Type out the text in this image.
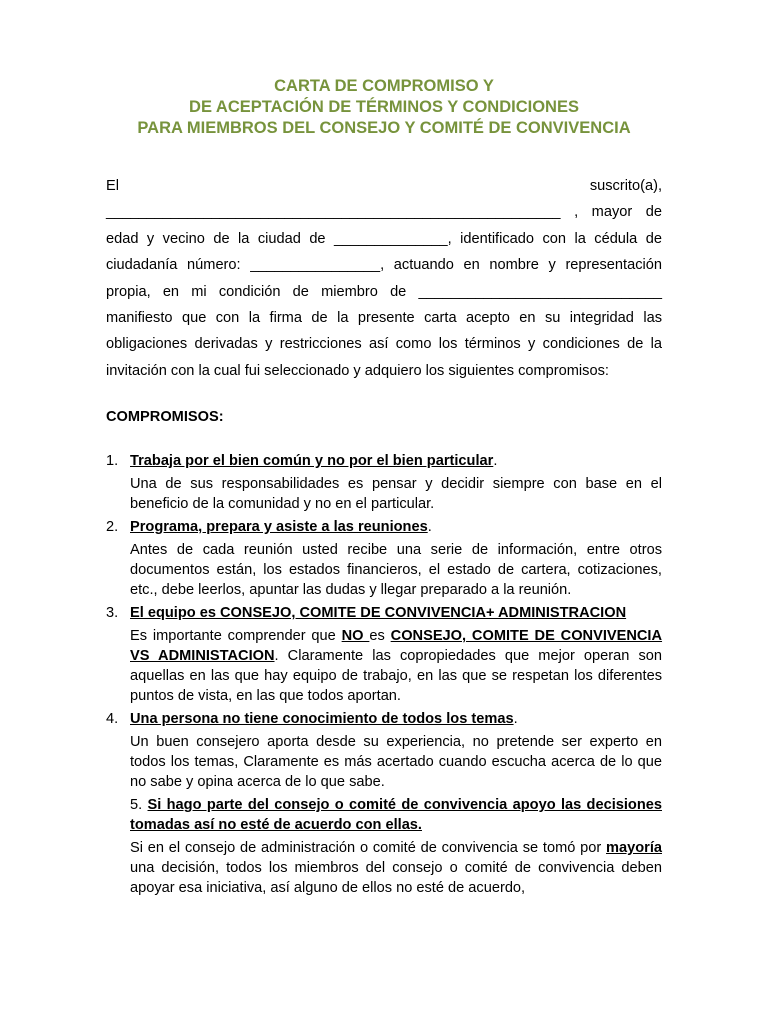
CARTA DE COMPROMISO Y
DE ACEPTACIÓN DE TÉRMINOS Y CONDICIONES
PARA MIEMBROS DEL CONSEJO Y COMITÉ DE CONVIVENCIA
El	suscrito(a),
________________________________________________________ , mayor de edad y vecino de la ciudad de ______________, identificado con la cédula de ciudadanía número: ________________, actuando en nombre y representación propia, en mi condición de miembro de ______________________________ manifiesto que con la firma de la presente carta acepto en su integridad las obligaciones derivadas y restricciones así como los términos y condiciones de la invitación con la cual fui seleccionado y adquiero los siguientes compromisos:
COMPROMISOS:
1. Trabaja por el bien común y no por el bien particular.
Una de sus responsabilidades es pensar y decidir siempre con base en el beneficio de la comunidad y no en el particular.
2. Programa, prepara y asiste a las reuniones.
Antes de cada reunión usted recibe una serie de información, entre otros documentos están, los estados financieros, el estado de cartera, cotizaciones, etc., debe leerlos, apuntar las dudas y llegar preparado a la reunión.
3. El equipo es CONSEJO, COMITE DE CONVIVENCIA+ ADMINISTRACION
Es importante comprender que NO es CONSEJO, COMITE DE CONVIVENCIA VS ADMINISTACION. Claramente las copropiedades que mejor operan son aquellas en las que hay equipo de trabajo, en las que se respetan los diferentes puntos de vista, en las que todos aportan.
4. Una persona no tiene conocimiento de todos los temas.
Un buen consejero aporta desde su experiencia, no pretende ser experto en todos los temas, Claramente es más acertado cuando escucha acerca de lo que no sabe y opina acerca de lo que sabe.
5. Si hago parte del consejo o comité de convivencia apoyo las decisiones tomadas así no esté de acuerdo con ellas.
Si en el consejo de administración o comité de convivencia se tomó por mayoría una decisión, todos los miembros del consejo o comité de convivencia deben apoyar esa iniciativa, así alguno de ellos no esté de acuerdo,
